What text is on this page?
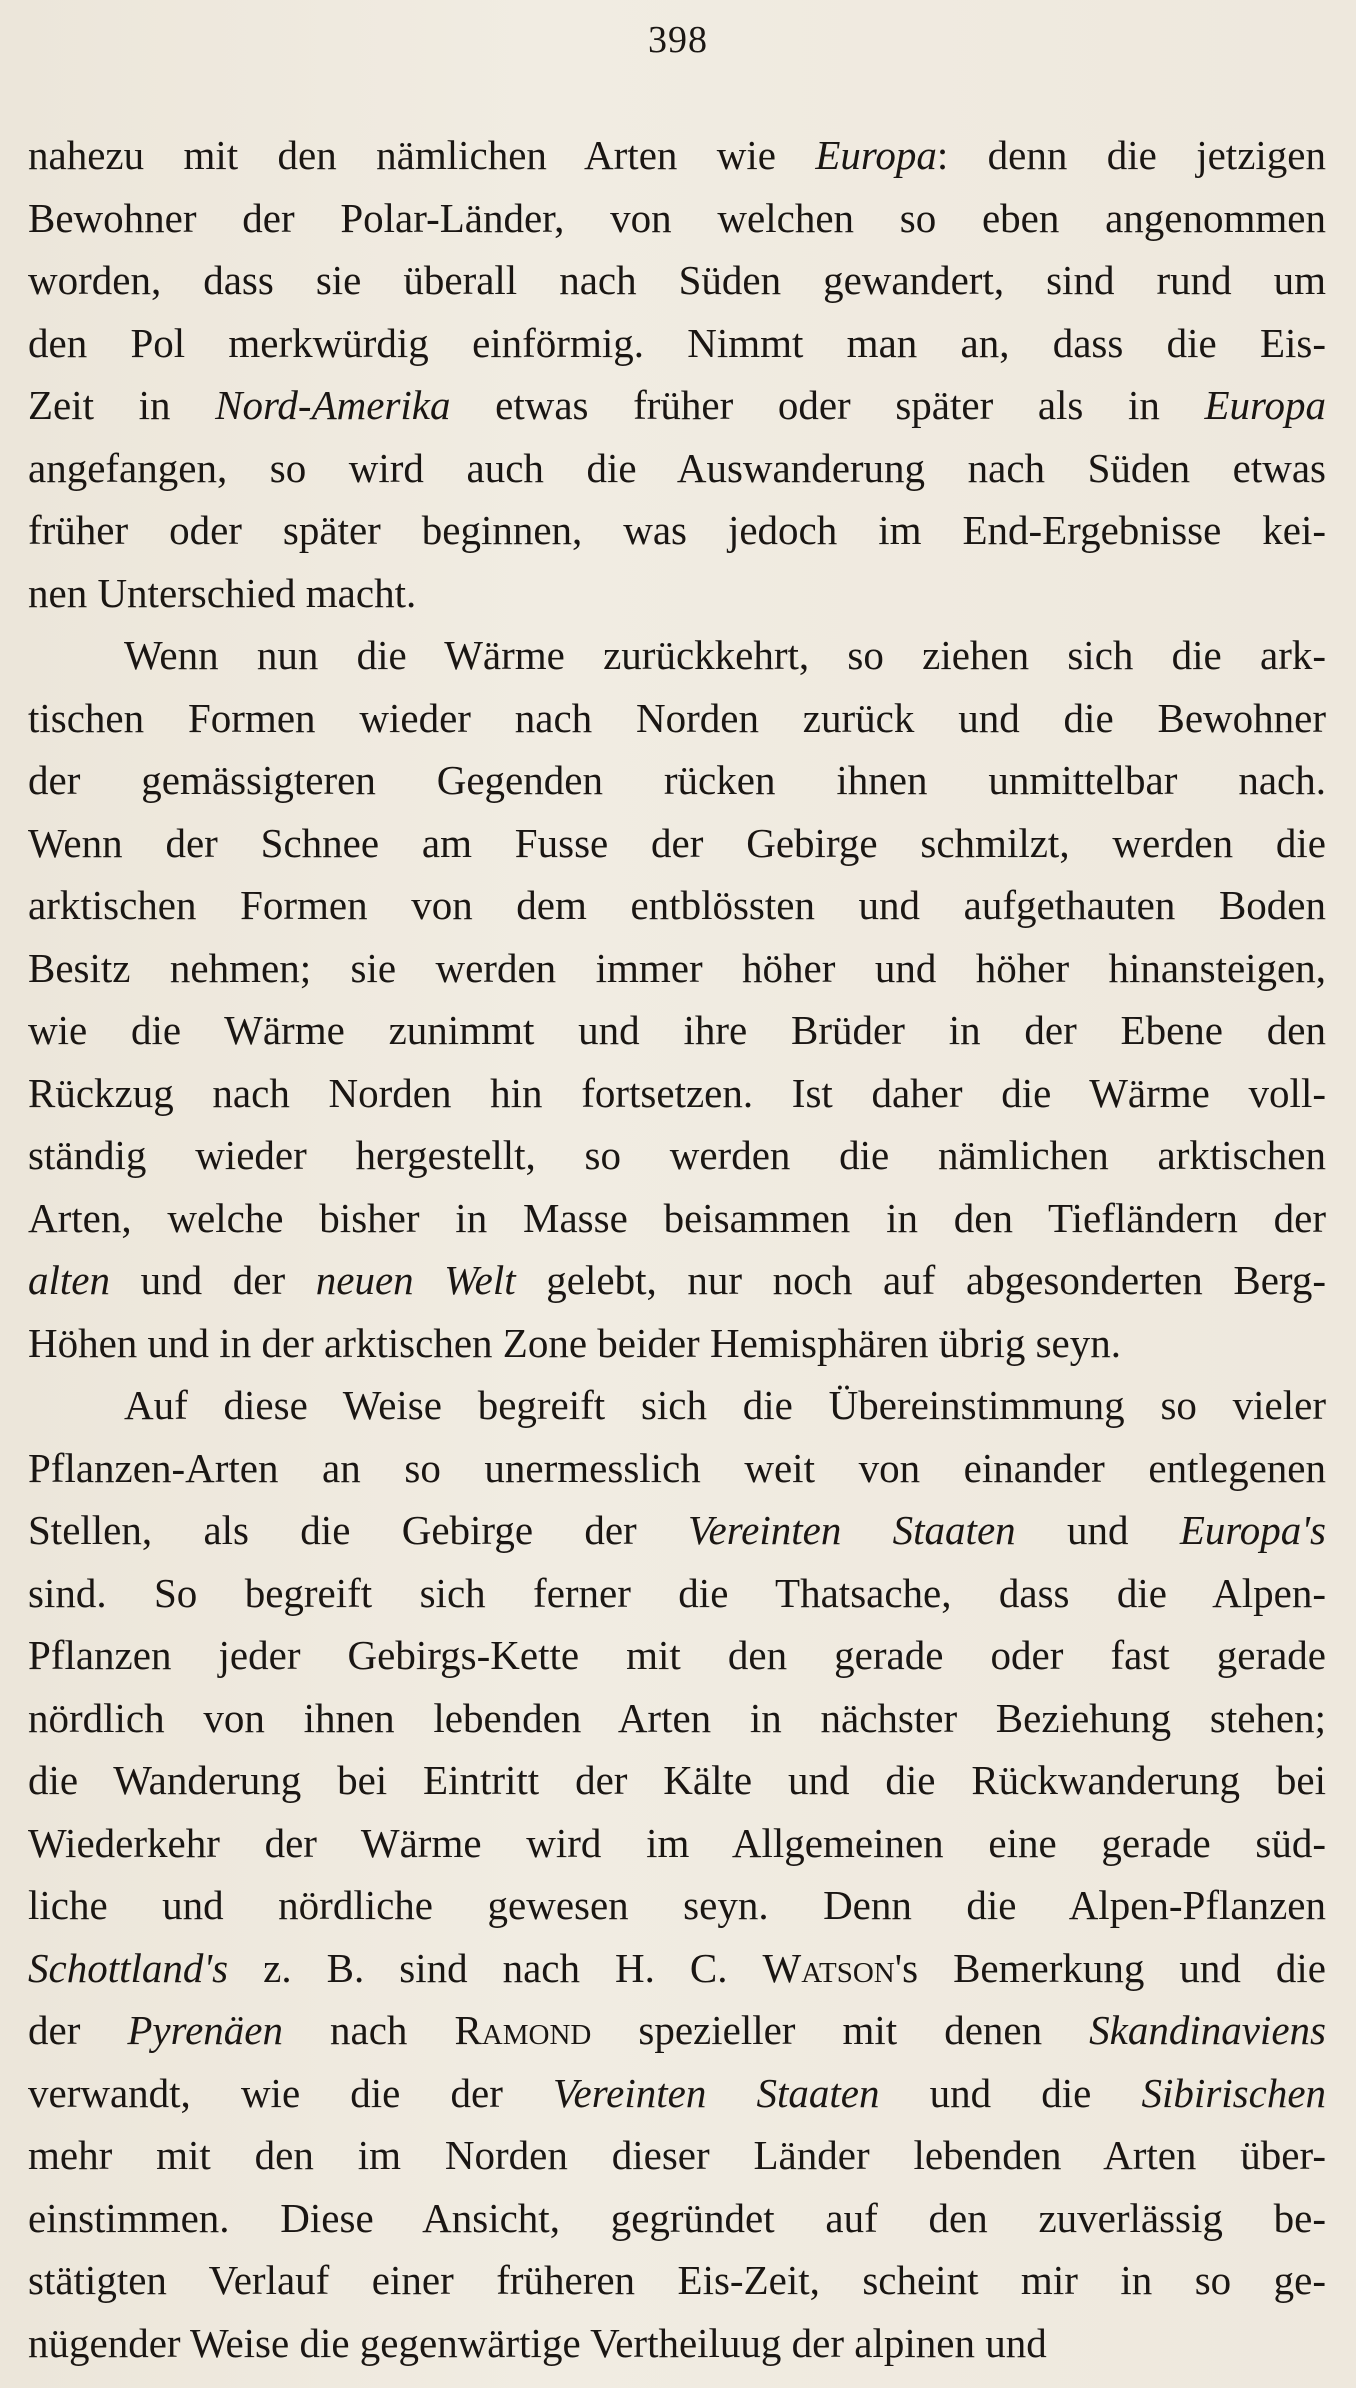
398
nahezu mit den nämlichen Arten wie Europa: denn die jetzigen
Bewohner der Polar-Länder, von welchen so eben angenommen
worden, dass sie überall nach Süden gewandert, sind rund um
den Pol merkwürdig einförmig. Nimmt man an, dass die Eis-
Zeit in Nord-Amerika etwas früher oder später als in Europa
angefangen, so wird auch die Auswanderung nach Süden etwas
früher oder später beginnen, was jedoch im End-Ergebnisse kei-
nen Unterschied macht.
Wenn nun die Wärme zurückkehrt, so ziehen sich die ark-
tischen Formen wieder nach Norden zurück und die Bewohner
der gemässigteren Gegenden rücken ihnen unmittelbar nach.
Wenn der Schnee am Fusse der Gebirge schmilzt, werden die
arktischen Formen von dem entblössten und aufgethauten Boden
Besitz nehmen; sie werden immer höher und höher hinansteigen,
wie die Wärme zunimmt und ihre Brüder in der Ebene den
Rückzug nach Norden hin fortsetzen. Ist daher die Wärme voll-
ständig wieder hergestellt, so werden die nämlichen arktischen
Arten, welche bisher in Masse beisammen in den Tiefländern der
alten und der neuen Welt gelebt, nur noch auf abgesonderten Berg-
Höhen und in der arktischen Zone beider Hemisphären übrig seyn.
Auf diese Weise begreift sich die Übereinstimmung so vieler
Pflanzen-Arten an so unermesslich weit von einander entlegenen
Stellen, als die Gebirge der Vereinten Staaten und Europa's
sind. So begreift sich ferner die Thatsache, dass die Alpen-
Pflanzen jeder Gebirgs-Kette mit den gerade oder fast gerade
nördlich von ihnen lebenden Arten in nächster Beziehung stehen;
die Wanderung bei Eintritt der Kälte und die Rückwanderung bei
Wiederkehr der Wärme wird im Allgemeinen eine gerade süd-
liche und nördliche gewesen seyn. Denn die Alpen-Pflanzen
Schottland's z. B. sind nach H. C. Watson's Bemerkung und die
der Pyrenäen nach Ramond spezieller mit denen Skandinaviens
verwandt, wie die der Vereinten Staaten und die Sibirischen
mehr mit den im Norden dieser Länder lebenden Arten über-
einstimmen. Diese Ansicht, gegründet auf den zuverlässig be-
stätigten Verlauf einer früheren Eis-Zeit, scheint mir in so ge-
nügender Weise die gegenwärtige Vertheiluug der alpinen und
